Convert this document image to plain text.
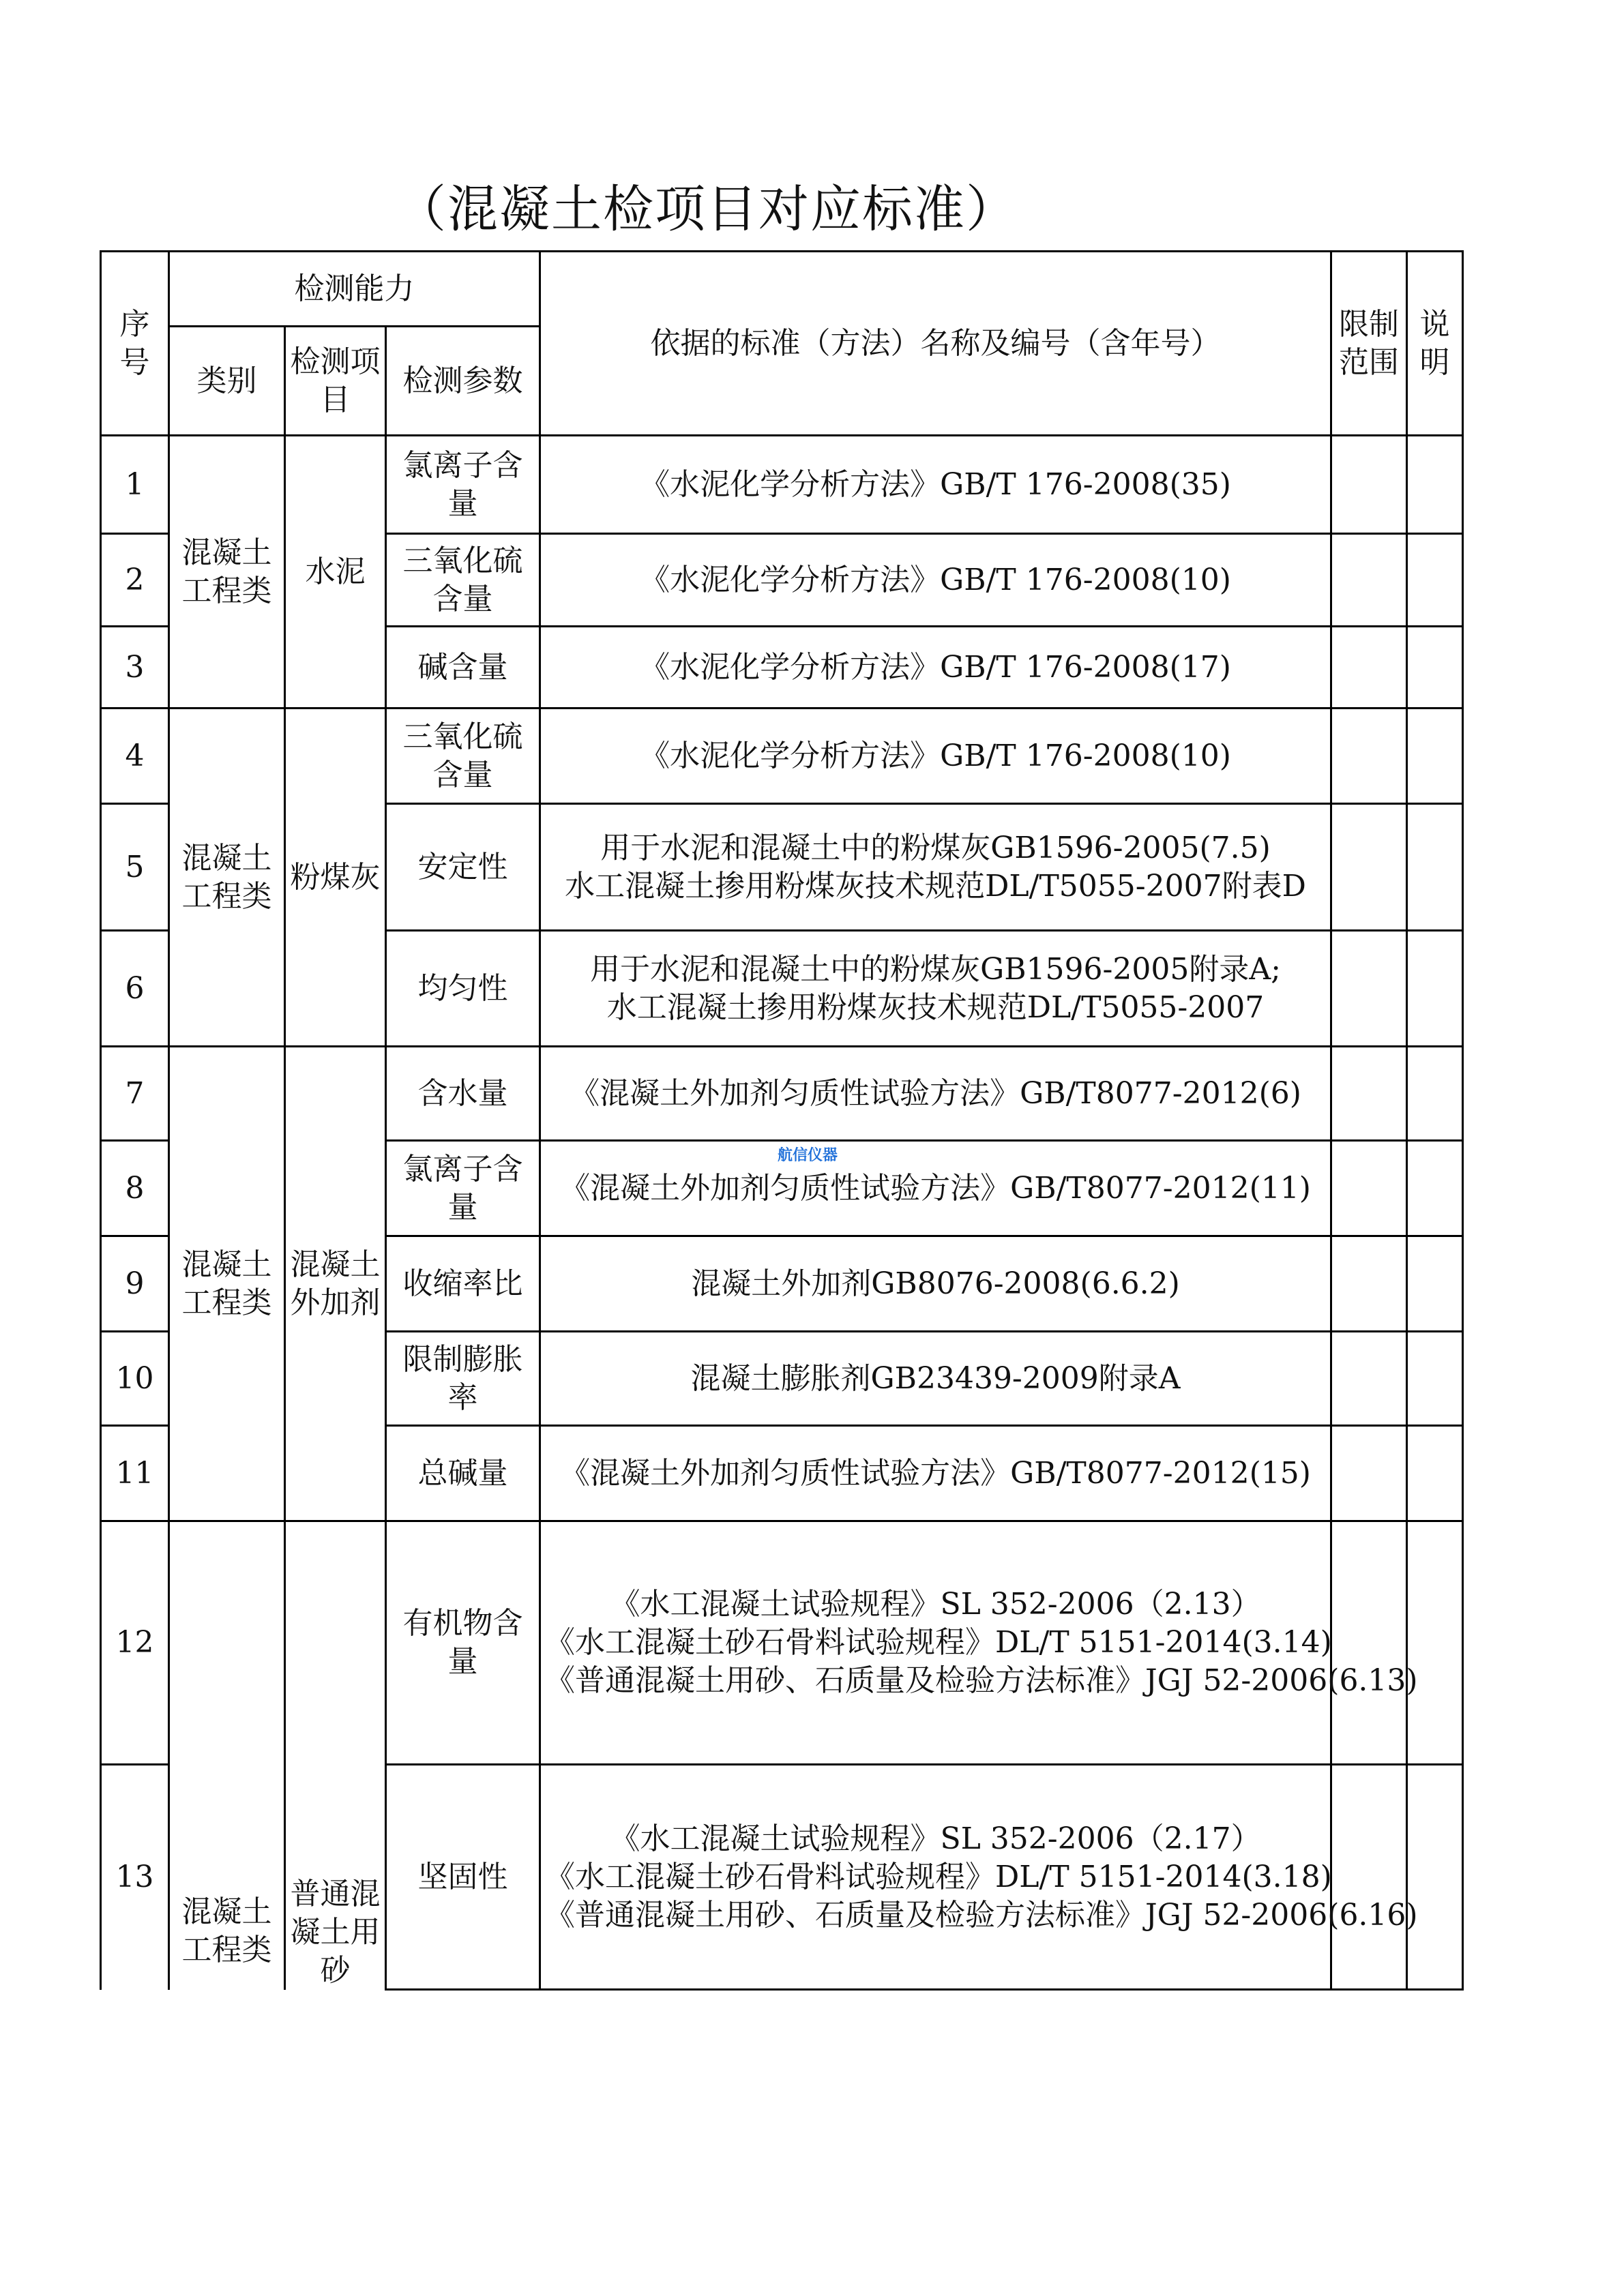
（混凝土检项目对应标准）
序号	检测能力			依据的标准（方法）名称及编号（含年号）	限制范围	说明
	类别	检测项目	检测参数			
1	混凝土工程类	水泥	氯离子含量	《水泥化学分析方法》GB/T 176-2008(35)		

2			三氧化硫含量	《水泥化学分析方法》GB/T 176-2008(10)		

3			碱含量	《水泥化学分析方法》GB/T 176-2008(17)		

4	混凝土工程类	粉煤灰	三氧化硫含量	《水泥化学分析方法》GB/T 176-2008(10)		

5			安定性	用于水泥和混凝土中的粉煤灰GB1596-2005(7.5)
水工混凝土掺用粉煤灰技术规范DL/T5055-2007附表D		

6			均匀性	用于水泥和混凝土中的粉煤灰GB1596-2005附录A;
水工混凝土掺用粉煤灰技术规范DL/T5055-2007		

7	混凝土工程类	混凝土外加剂	含水量	《混凝土外加剂匀质性试验方法》GB/T8077-2012(6)		

8			氯离子含量	《混凝土外加剂匀质性试验方法》GB/T8077-2012(11)		

9			收缩率比	混凝土外加剂GB8076-2008(6.6.2)		

10			限制膨胀率	混凝土膨胀剂GB23439-2009附录A		

11			总碱量	《混凝土外加剂匀质性试验方法》GB/T8077-2012(15)		

12	混凝土工程类	普通混凝土用砂	有机物含量	《水工混凝土试验规程》SL 352-2006（2.13）
《水工混凝土砂石骨料试验规程》DL/T 5151-2014(3.14)
《普通混凝土用砂、石质量及检验方法标准》JGJ 52-2006(6.13)		

13			坚固性	《水工混凝土试验规程》SL 352-2006（2.17）
《水工混凝土砂石骨料试验规程》DL/T 5151-2014(3.18)
《普通混凝土用砂、石质量及检验方法标准》JGJ 52-2006(6.16)		

航信仪器
